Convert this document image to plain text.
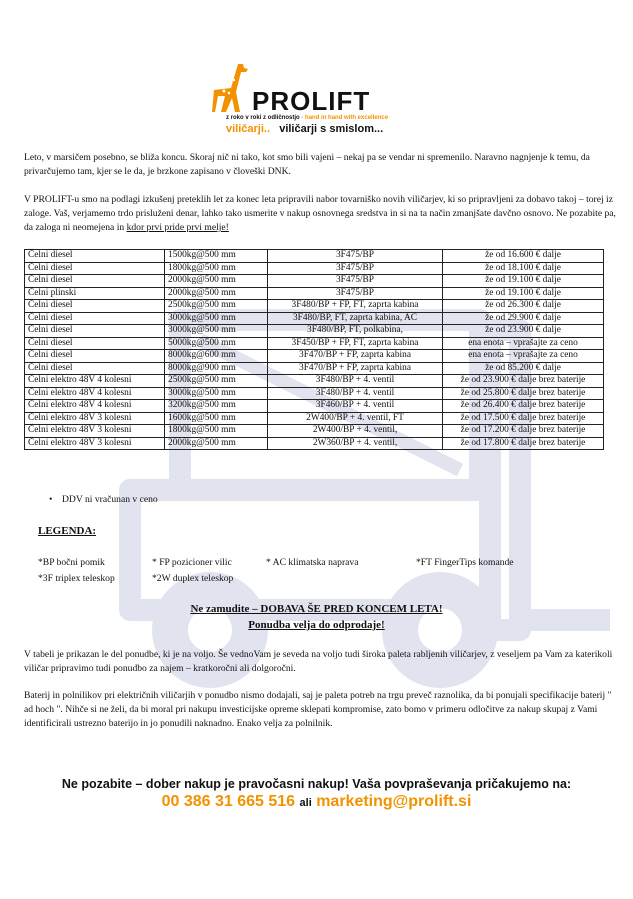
PROLIFT
z roko v roki z odličnostjo - hand in hand with excellence
viličarji.. viličarji s smislom...

Leto, v marsičem posebno, se bliža koncu. Skoraj nič ni tako, kot smo bili vajeni – nekaj pa se vendar ni spremenilo. Naravno nagnjenje k temu, da privarčujemo tam, kjer se le da, je brzkone zapisano v človeški DNK.

V PROLIFT-u smo na podlagi izkušenj preteklih let za konec leta pripravili nabor tovarniško novih viličarjev, ki so pripravljeni za dobavo takoj – torej iz zaloge. Vaš, verjamemo trdo prisluženi denar, lahko tako usmerite v nakup osnovnega sredstva in si na ta način zmanjšate davčno osnovo. Ne pozabite pa, da zaloga ni neomejena in kdor prvi pride prvi melje!

Čelni diesel	1500kg@500 mm	3F475/BP	že od 16.600 € dalje
Čelni diesel	1800kg@500 mm	3F475/BP	že od 18.100 € dalje
Čelni diesel	2000kg@500 mm	3F475/BP	že od 19.100 € dalje
Čelni plinski	2000kg@500 mm	3F475/BP	že od 19.100 € dalje
Čelni diesel	2500kg@500 mm	3F480/BP + FP, FT, zaprta kabina	že od 26.300 € dalje
Čelni diesel	3000kg@500 mm	3F480/BP, FT, zaprta kabina, AC	že od 29.900 € dalje
Čelni diesel	3000kg@500 mm	3F480/BP, FT, polkabina,	že od 23.900 € dalje
Čelni diesel	5000kg@500 mm	3F450/BP + FP, FT, zaprta kabina	ena enota – vprašajte za ceno
Čelni diesel	8000kg@600 mm	3F470/BP + FP, zaprta kabina	ena enota – vprašajte za ceno
Čelni diesel	8000kg@900 mm	3F470/BP + FP, zaprta kabina	že od 85.200 € dalje
Čelni elektro 48V 4 kolesni	2500kg@500 mm	3F480/BP + 4. ventil	že od 23.900 € dalje brez baterije
Čelni elektro 48V 4 kolesni	3000kg@500 mm	3F480/BP + 4. ventil	že od 25.800 € dalje brez baterije
Čelni elektro 48V 4 kolesni	3200kg@500 mm	3F460/BP + 4. ventil	že od 26.400 € dalje brez baterije
Čelni elektro 48V 3 kolesni	1600kg@500 mm	2W400/BP + 4. ventil, FT	že od 17.500 € dalje brez baterije
Čelni elektro 48V 3 kolesni	1800kg@500 mm	2W400/BP + 4. ventil,	že od 17.200 € dalje brez baterije
Čelni elektro 48V 3 kolesni	2000kg@500 mm	2W360/BP + 4. ventil,	že od 17.800 € dalje brez baterije
• DDV ni vračunan v ceno
LEGENDA:
*BP bočni pomik	* FP pozicioner vilic	* AC klimatska naprava	*FT FingerTips komande
*3F triplex teleskop	*2W duplex teleskop
Ne zamudite – DOBAVA ŠE PRED KONCEM LETA!
Ponudba velja do odprodaje!

V tabeli je prikazan le del ponudbe, ki je na voljo. Še vednoVam je seveda na voljo tudi široka paleta rabljenih viličarjev, z veseljem pa Vam za katerikoli viličar pripravimo tudi ponudbo za najem – kratkoročni ali dolgoročni.

Baterij in polnilikov pri električnih viličarjih v ponudbo nismo dodajali, saj je paleta potreb na trgu preveč raznolika, da bi ponujali specifikacije baterij " ad hoch ". Nihče si ne želi, da bi moral pri nakupu investicijske opreme sklepati kompromise, zato bomo v primeru odločitve za nakup skupaj z Vami identificirali ustrezno baterijo in jo ponudili naknadno. Enako velja za polnilnik.

Ne pozabite – dober nakup je pravočasni nakup! Vaša povpraševanja pričakujemo na:
00 386 31 665 516 ali marketing@prolift.si
